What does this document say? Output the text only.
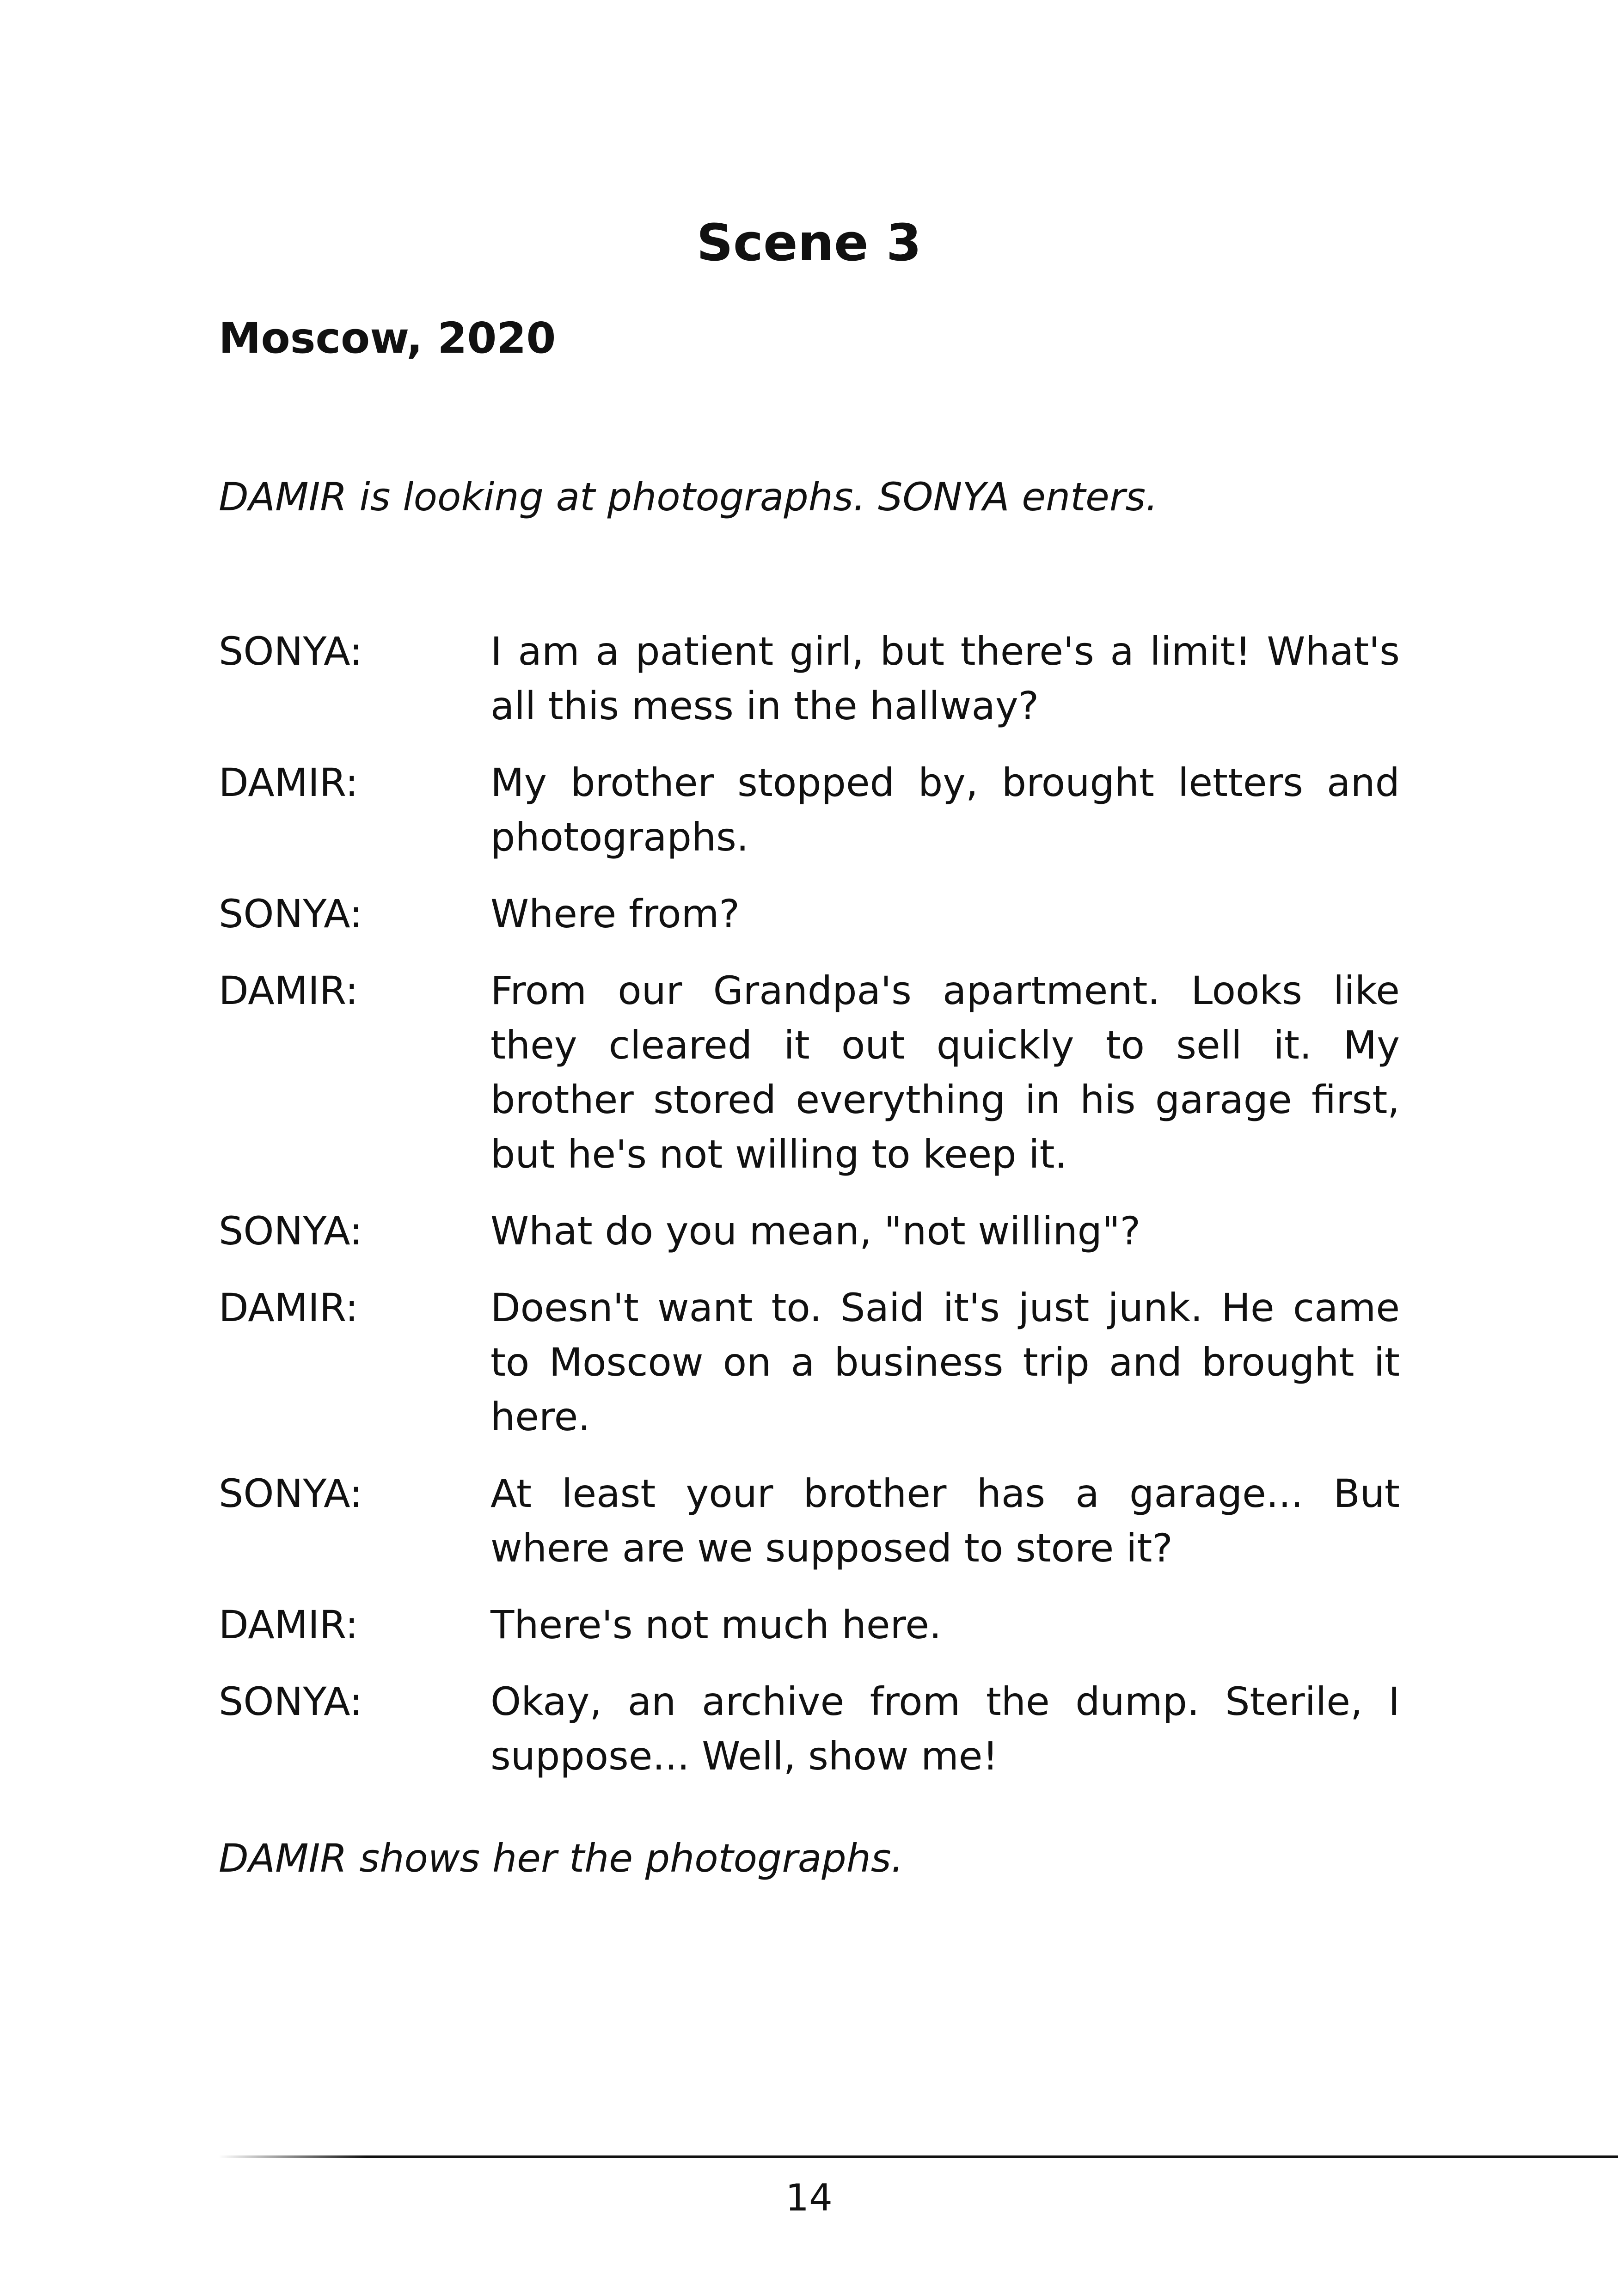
Scene 3
Moscow, 2020
DAMIR is looking at photographs. SONYA enters.
SONYA:	I am a patient girl, but there's a limit! What's all this mess in the hallway?
DAMIR:	My brother stopped by, brought letters and photographs.
SONYA:	Where from?
DAMIR:	From our Grandpa's apartment. Looks like they cleared it out quickly to sell it. My brother stored everything in his garage first, but he's not willing to keep it.
SONYA:	What do you mean, "not willing"?
DAMIR:	Doesn't want to. Said it's just junk. He came to Moscow on a business trip and brought it here.
SONYA:	At least your brother has a garage... But where are we supposed to store it?
DAMIR:	There's not much here.
SONYA:	Okay, an archive from the dump. Sterile, I suppose... Well, show me!
DAMIR shows her the photographs.
14
